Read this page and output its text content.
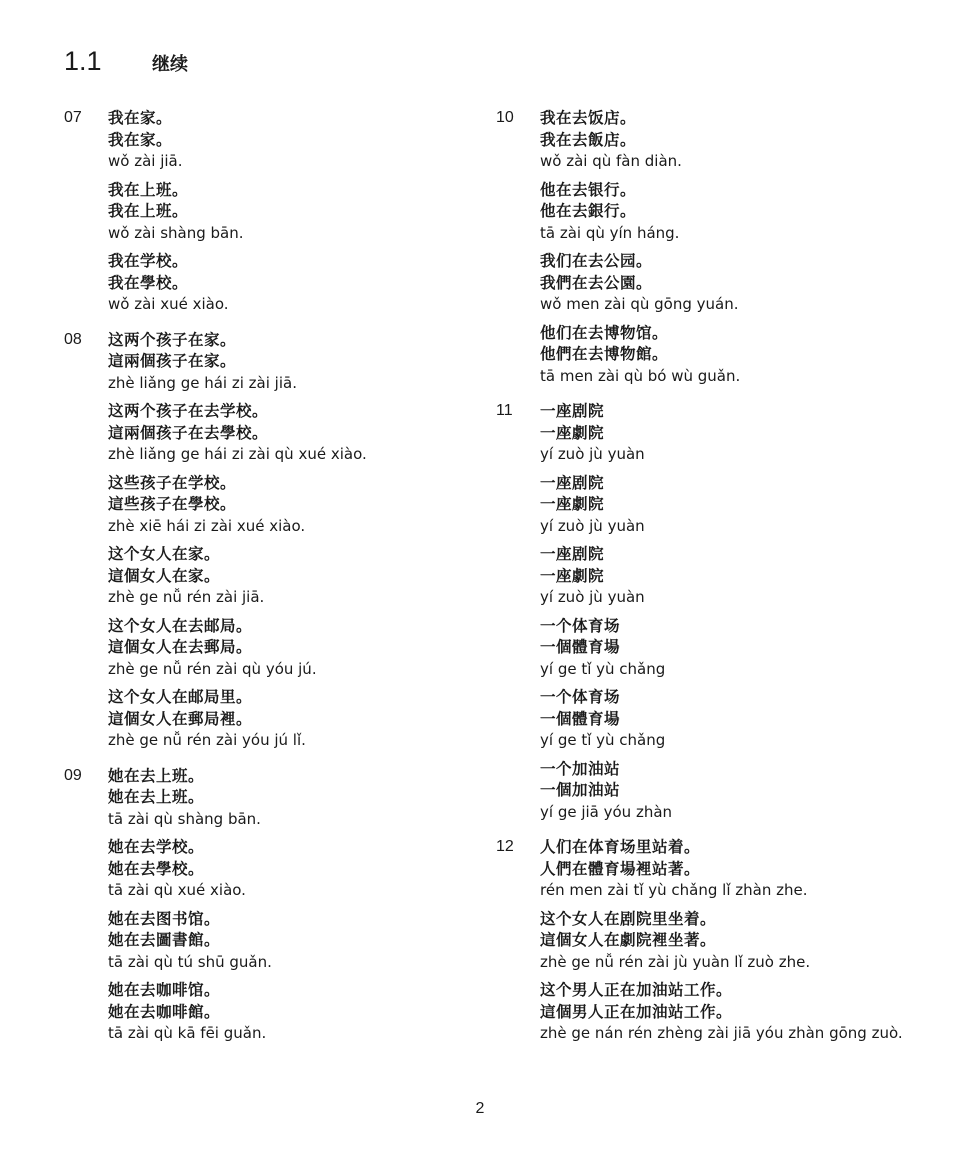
1.1	继续
07 我在家。
我在家。
wǒ zài jiā.
我在上班。
我在上班。
wǒ zài shàng bān.
我在学校。
我在學校。
wǒ zài xué xiào.
08 这两个孩子在家。
這兩個孩子在家。
zhè liǎng ge hái zi zài jiā.
这两个孩子在去学校。
這兩個孩子在去學校。
zhè liǎng ge hái zi zài qù xué xiào.
这些孩子在学校。
這些孩子在學校。
zhè xiē hái zi zài xué xiào.
这个女人在家。
這個女人在家。
zhè ge nǚ rén zài jiā.
这个女人在去邮局。
這個女人在去郵局。
zhè ge nǚ rén zài qù yóu jú.
这个女人在邮局里。
這個女人在郵局裡。
zhè ge nǚ rén zài yóu jú lǐ.
09 她在去上班。
她在去上班。
tā zài qù shàng bān.
她在去学校。
她在去學校。
tā zài qù xué xiào.
她在去图书馆。
她在去圖書館。
tā zài qù tú shū guǎn.
她在去咖啡馆。
她在去咖啡館。
tā zài qù kā fēi guǎn.
10 我在去饭店。
我在去飯店。
wǒ zài qù fàn diàn.
他在去银行。
他在去銀行。
tā zài qù yín háng.
我们在去公园。
我們在去公園。
wǒ men zài qù gōng yuán.
他们在去博物馆。
他們在去博物館。
tā men zài qù bó wù guǎn.
11 一座剧院
一座劇院
yí zuò jù yuàn
一座剧院
一座劇院
yí zuò jù yuàn
一座剧院
一座劇院
yí zuò jù yuàn
一个体育场
一個體育場
yí ge tǐ yù chǎng
一个体育场
一個體育場
yí ge tǐ yù chǎng
一个加油站
一個加油站
yí ge jiā yóu zhàn
12 人们在体育场里站着。
人們在體育場裡站著。
rén men zài tǐ yù chǎng lǐ zhàn zhe.
这个女人在剧院里坐着。
這個女人在劇院裡坐著。
zhè ge nǚ rén zài jù yuàn lǐ zuò zhe.
这个男人正在加油站工作。
這個男人正在加油站工作。
zhè ge nán rén zhèng zài jiā yóu zhàn gōng zuò.
2
